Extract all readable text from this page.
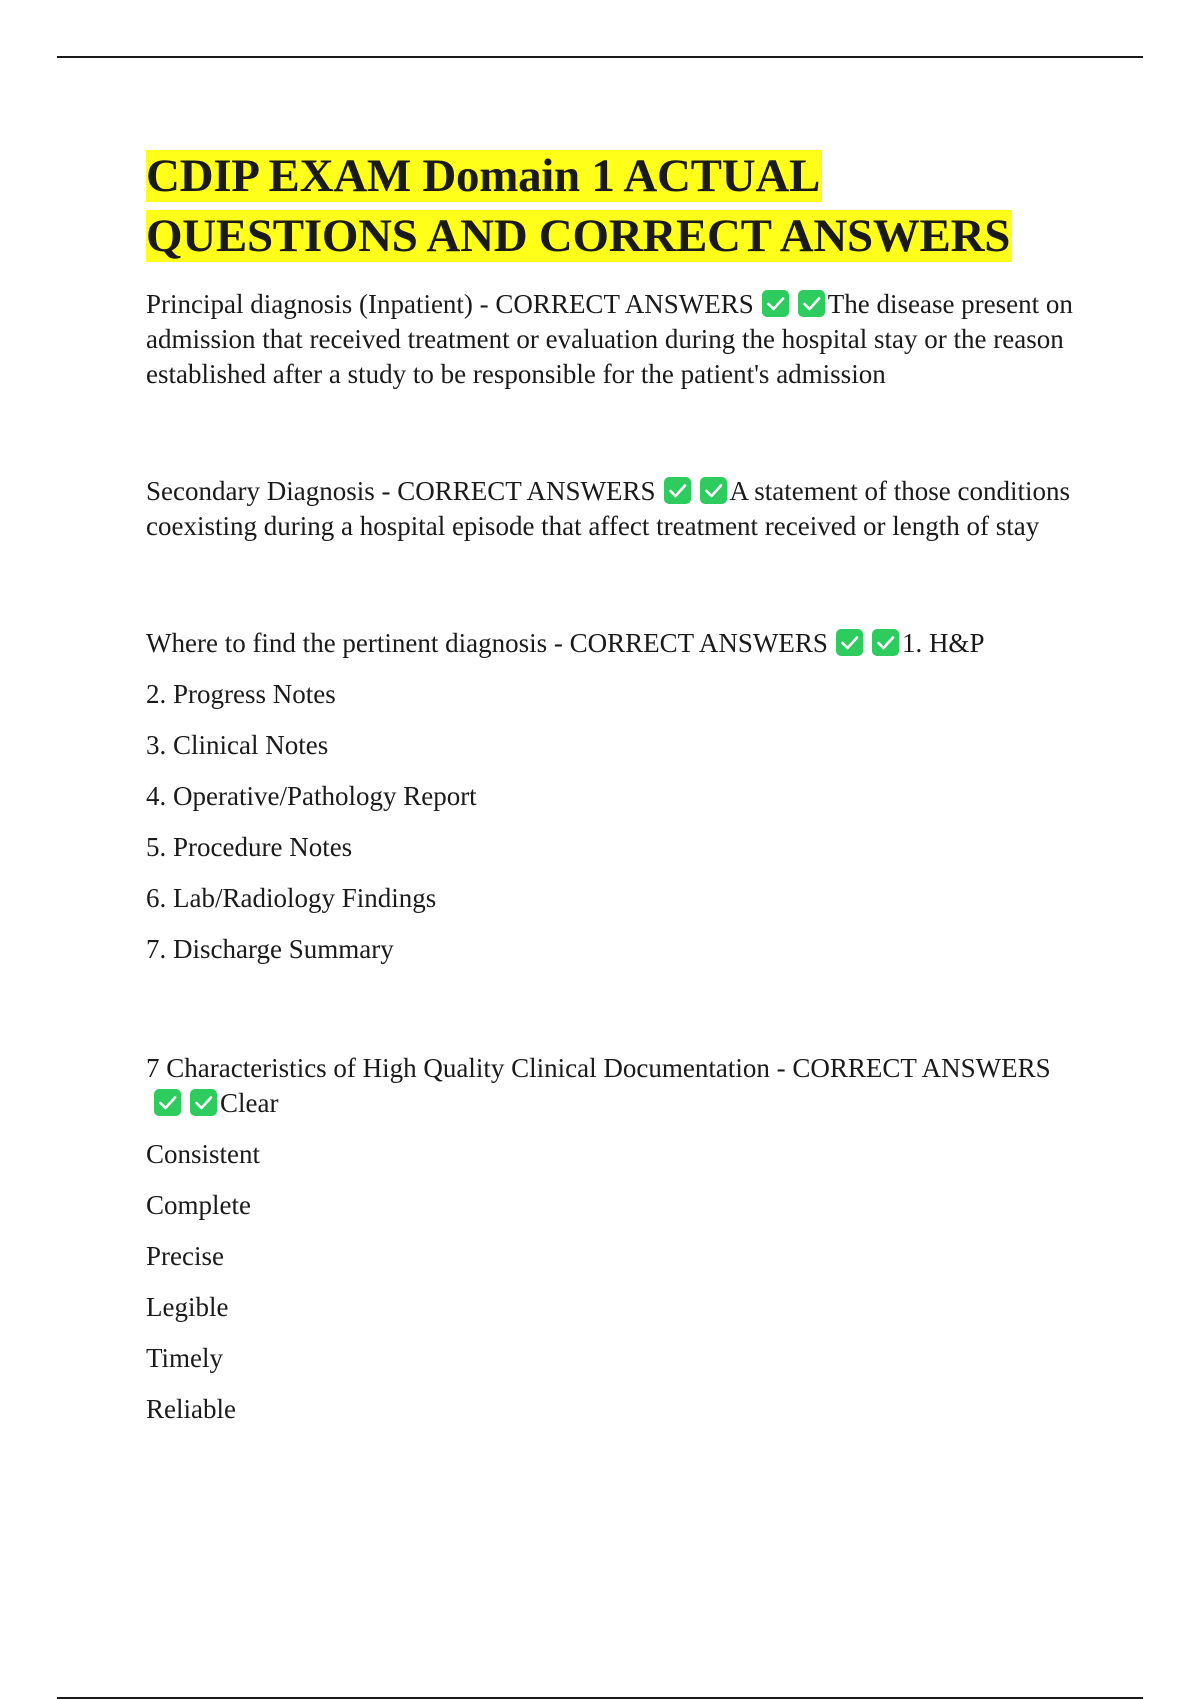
CDIP EXAM Domain 1 ACTUAL
QUESTIONS AND CORRECT ANSWERS

Principal diagnosis (Inpatient) - CORRECT ANSWERS	The disease present on admission that received treatment or evaluation during the hospital stay or the reason established after a study to be responsible for the patient's admission

Secondary Diagnosis - CORRECT ANSWERS	A statement of those conditions coexisting during a hospital episode that affect treatment received or length of stay

Where to find the pertinent diagnosis - CORRECT ANSWERS	1. H&P

2. Progress Notes
3. Clinical Notes
4. Operative/Pathology Report
5. Procedure Notes
6. Lab/Radiology Findings
7. Discharge Summary

7 Characteristics of High Quality Clinical Documentation - CORRECT ANSWERS
Clear

Consistent
Complete
Precise
Legible
Timely
Reliable
